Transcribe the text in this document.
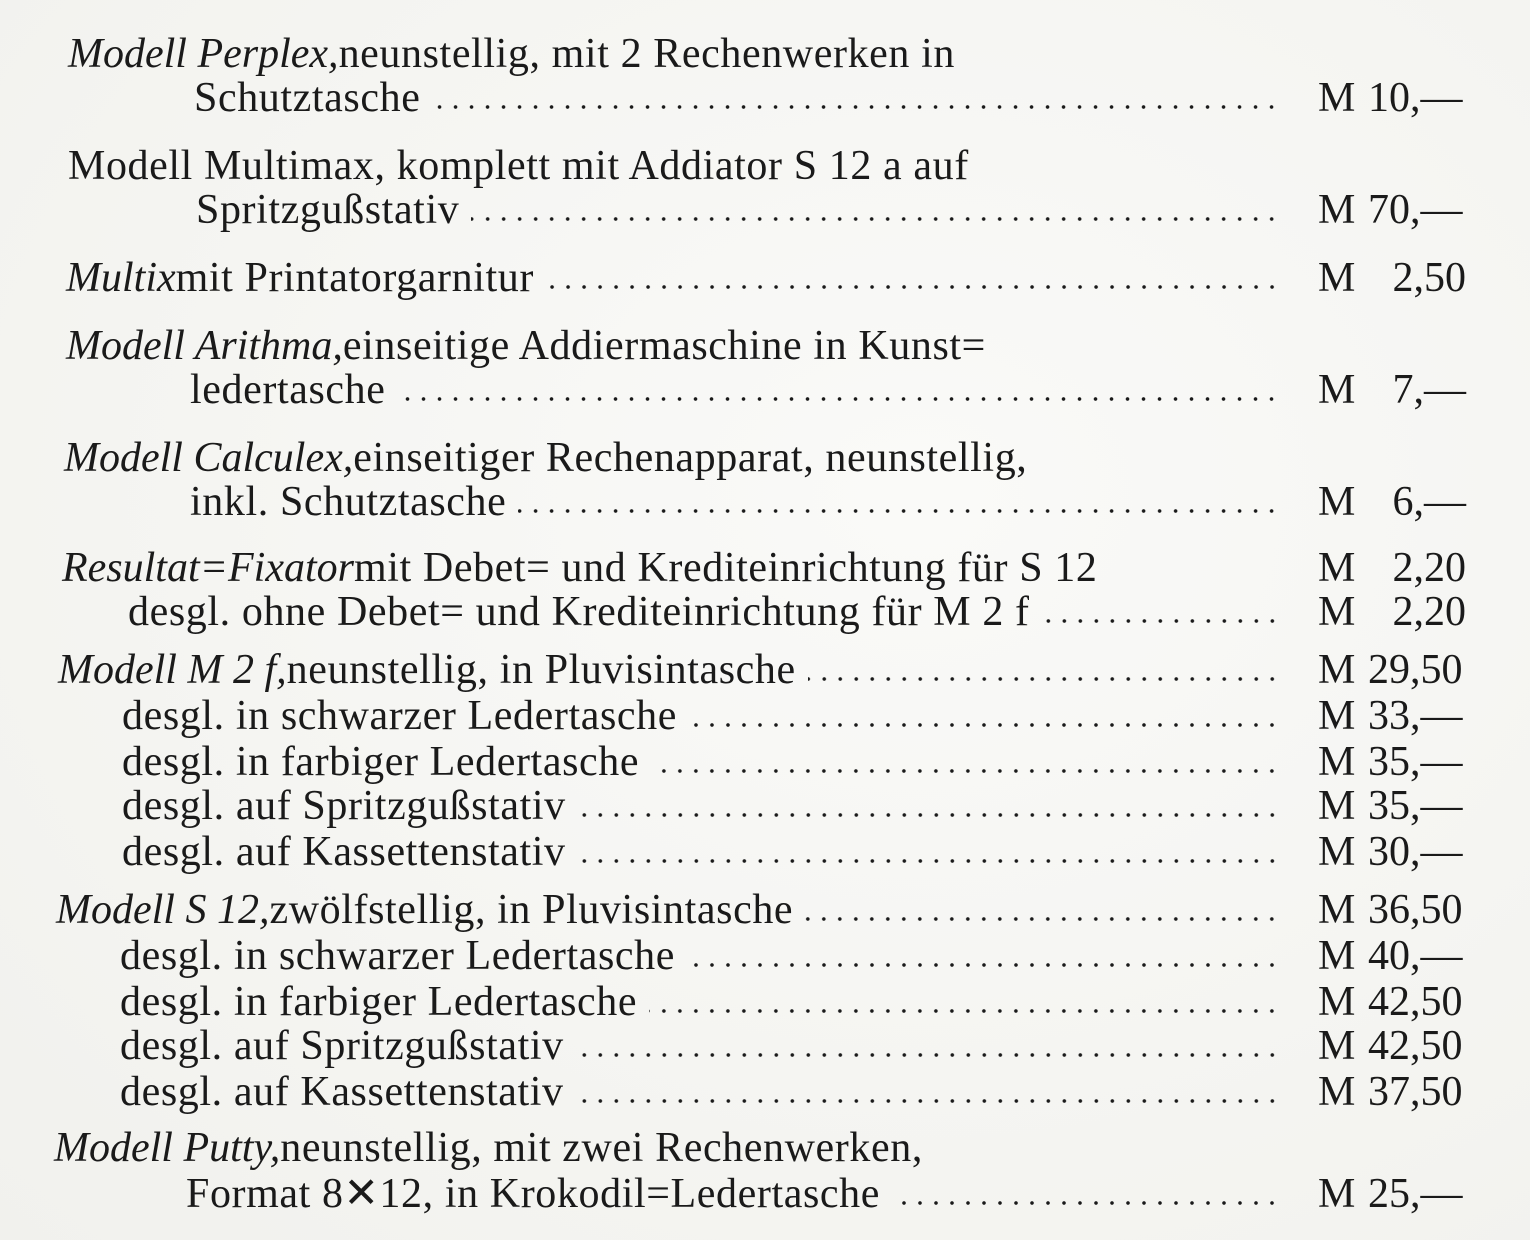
Modell Perplex, neunstellig, mit 2 Rechenwerken in
Schutztasche	M 10,—
Modell Multimax, komplett mit Addiator S 12 a auf
Spritzgußstativ	M 70,—
Multix mit Printatorgarnitur	M 2,50
Modell Arithma, einseitige Addiermaschine in Kunst=
ledertasche	M 7,—
Modell Calculex, einseitiger Rechenapparat, neunstellig,
inkl. Schutztasche	M 6,—
Resultat=Fixator mit Debet= und Krediteinrichtung für S 12	M 2,20
desgl. ohne Debet= und Krediteinrichtung für M 2 f	M 2,20
Modell M 2 f, neunstellig, in Pluvisintasche	M 29,50
desgl. in schwarzer Ledertasche	M 33,—
desgl. in farbiger Ledertasche	M 35,—
desgl. auf Spritzgußstativ	M 35,—
desgl. auf Kassettenstativ	M 30,—
Modell S 12, zwölfstellig, in Pluvisintasche	M 36,50
desgl. in schwarzer Ledertasche	M 40,—
desgl. in farbiger Ledertasche	M 42,50
desgl. auf Spritzgußstativ	M 42,50
desgl. auf Kassettenstativ	M 37,50
Modell Putty, neunstellig, mit zwei Rechenwerken,
Format 8✕12, in Krokodil=Ledertasche	M 25,—
